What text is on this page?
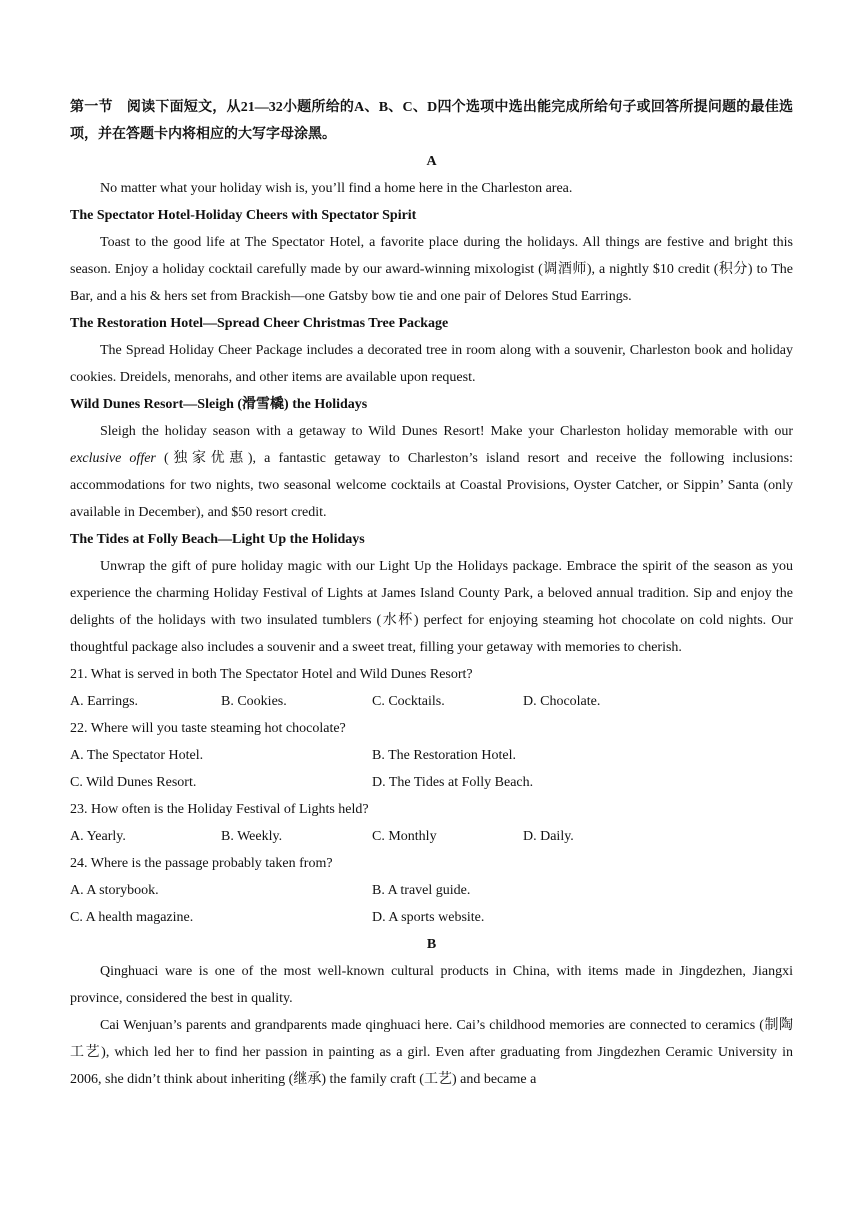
第一节　阅读下面短文，从21—32小题所给的A、B、C、D四个选项中选出能完成所给句子或回答所提问题的最佳选项，并在答题卡内将相应的大写字母涂黑。
A
No matter what your holiday wish is, you’ll find a home here in the Charleston area.
The Spectator Hotel-Holiday Cheers with Spectator Spirit
Toast to the good life at The Spectator Hotel, a favorite place during the holidays. All things are festive and bright this season. Enjoy a holiday cocktail carefully made by our award-winning mixologist (调酒师), a nightly $10 credit (积分) to The Bar, and a his & hers set from Brackish—one Gatsby bow tie and one pair of Delores Stud Earrings.
The Restoration Hotel—Spread Cheer Christmas Tree Package
The Spread Holiday Cheer Package includes a decorated tree in room along with a souvenir, Charleston book and holiday cookies. Dreidels, menorahs, and other items are available upon request.
Wild Dunes Resort—Sleigh (滑雪橇) the Holidays
Sleigh the holiday season with a getaway to Wild Dunes Resort! Make your Charleston holiday memorable with our exclusive offer (独家优惠), a fantastic getaway to Charleston’s island resort and receive the following inclusions: accommodations for two nights, two seasonal welcome cocktails at Coastal Provisions, Oyster Catcher, or Sippin’ Santa (only available in December), and $50 resort credit.
The Tides at Folly Beach—Light Up the Holidays
Unwrap the gift of pure holiday magic with our Light Up the Holidays package. Embrace the spirit of the season as you experience the charming Holiday Festival of Lights at James Island County Park, a beloved annual tradition. Sip and enjoy the delights of the holidays with two insulated tumblers (水杯) perfect for enjoying steaming hot chocolate on cold nights. Our thoughtful package also includes a souvenir and a sweet treat, filling your getaway with memories to cherish.
21. What is served in both The Spectator Hotel and Wild Dunes Resort?
A. Earrings.	B. Cookies.	C. Cocktails.	D. Chocolate.
22. Where will you taste steaming hot chocolate?
A. The Spectator Hotel.	B. The Restoration Hotel.
C. Wild Dunes Resort.	D. The Tides at Folly Beach.
23. How often is the Holiday Festival of Lights held?
A. Yearly.	B. Weekly.	C. Monthly	D. Daily.
24. Where is the passage probably taken from?
A. A storybook.	B. A travel guide.
C. A health magazine.	D. A sports website.
B
Qinghuaci ware is one of the most well-known cultural products in China, with items made in Jingdezhen, Jiangxi province, considered the best in quality.
Cai Wenjuan’s parents and grandparents made qinghuaci here. Cai’s childhood memories are connected to ceramics (制陶工艺), which led her to find her passion in painting as a girl. Even after graduating from Jingdezhen Ceramic University in 2006, she didn’t think about inheriting (继承) the family craft (工艺) and became a
